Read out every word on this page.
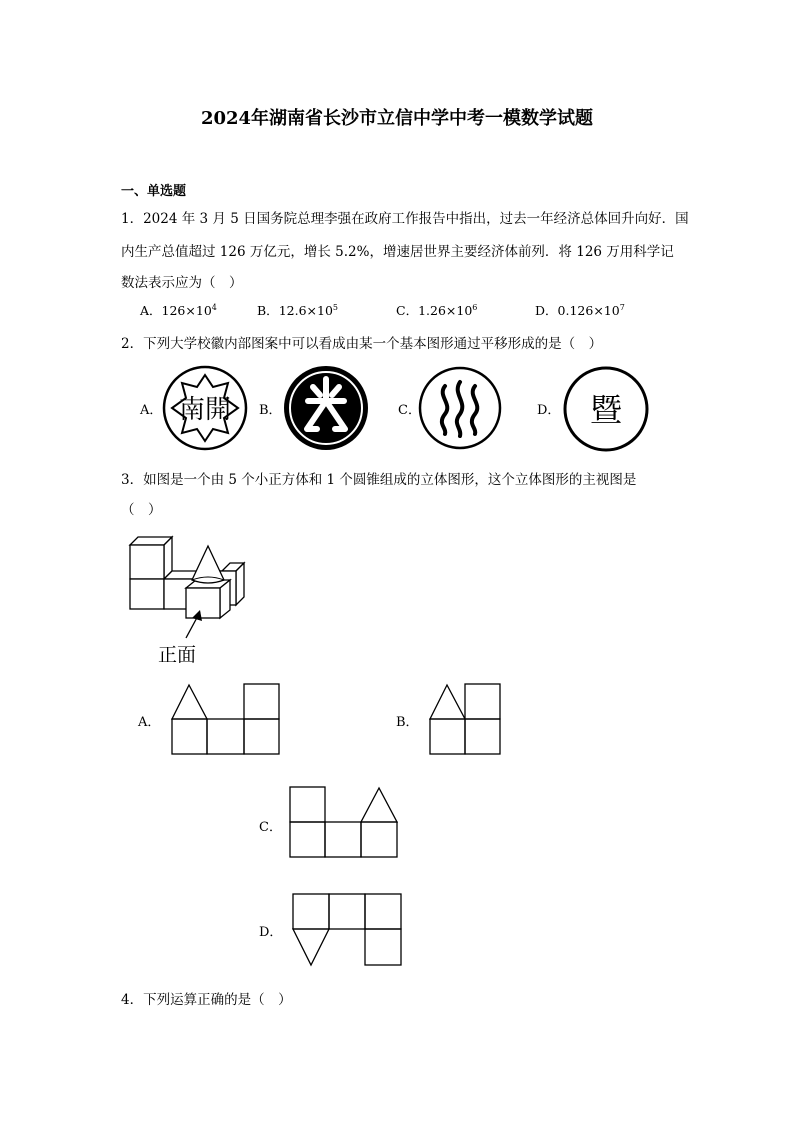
2024年湖南省长沙市立信中学中考一模数学试题
一、单选题
1．2024 年 3 月 5 日国务院总理李强在政府工作报告中指出，过去一年经济总体回升向好．国
内生产总值超过 126 万亿元，增长 5.2%，增速居世界主要经济体前列．将 126 万用科学记
数法表示应为（　）
A．$126\times 10^4$	B．$12.6\times 10^5$	C．$1.26\times 10^6$	D．$0.126\times 10^7$
2．下列大学校徽内部图案中可以看成由某一个基本图形通过平移形成的是（　）
A．	B．	C．	D．
南開	暨
3．如图是一个由 5 个小正方体和 1 个圆锥组成的立体图形，这个立体图形的主视图是
（　）
正面
A．	B．
C．
D．
4．下列运算正确的是（　）
